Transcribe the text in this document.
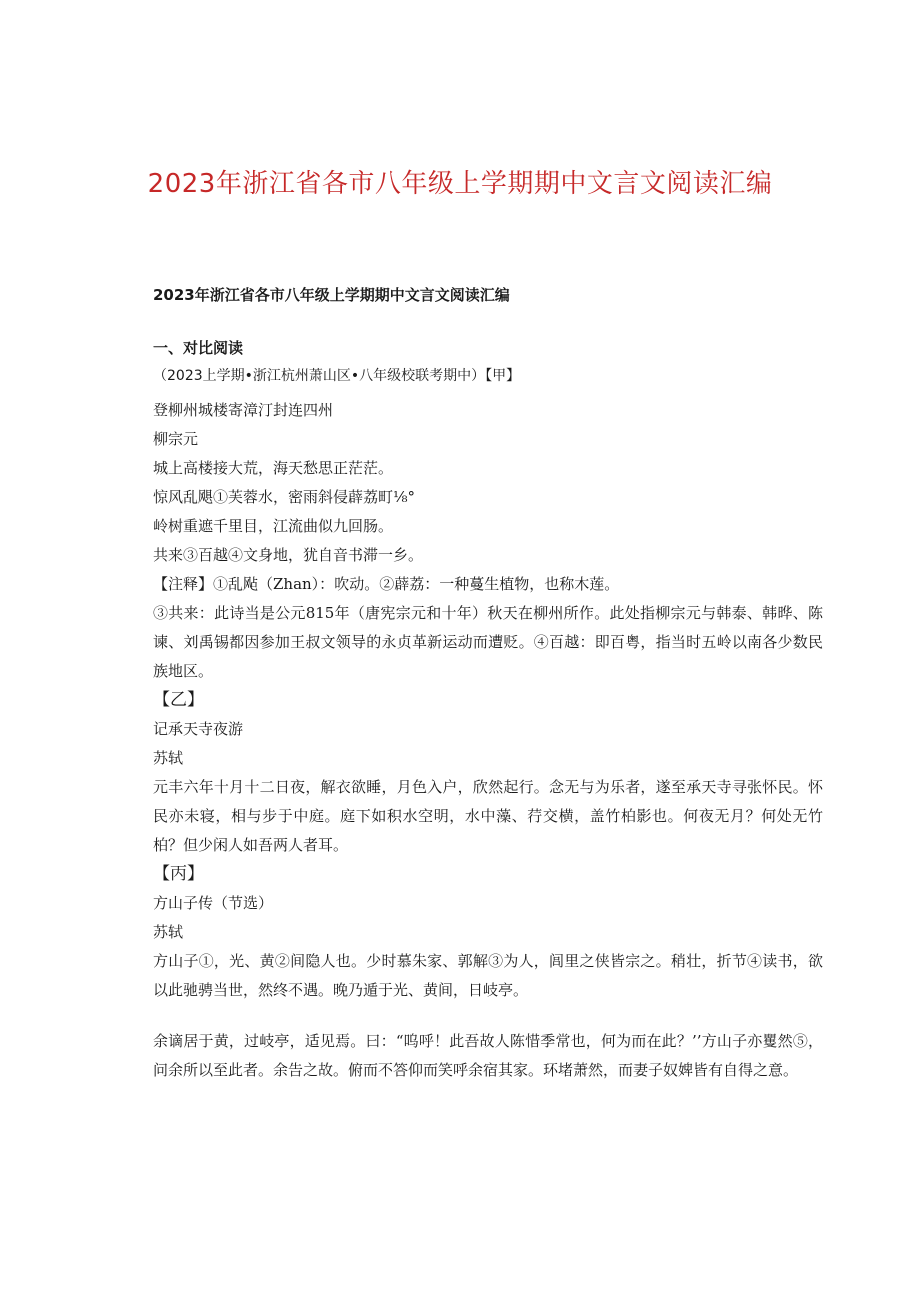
2023年浙江省各市八年级上学期期中文言文阅读汇编

2023年浙江省各市八年级上学期期中文言文阅读汇编

一、对比阅读

（2023上学期•浙江杭州萧山区•八年级校联考期中）【甲】

登柳州城楼寄漳汀封连四州

柳宗元

城上高楼接大荒，海天愁思正茫茫。

惊风乱飓①芙蓉水，密雨斜侵薜荔町⅛°

岭树重遮千里目，江流曲似九回肠。

共来③百越④文身地，犹自音书滞一乡。

【注释】①乱飐（Zhan）：吹动。②薜荔：一种蔓生植物，也称木莲。

③共来：此诗当是公元815年（唐宪宗元和十年）秋天在柳州所作。此处指柳宗元与韩泰、韩晔、陈谏、刘禹锡都因参加王叔文领导的永贞革新运动而遭贬。④百越：即百粤，指当时五岭以南各少数民族地区。

【乙】

记承天寺夜游

苏轼

元丰六年十月十二日夜，解衣欲睡，月色入户，欣然起行。念无与为乐者，遂至承天寺寻张怀民。怀民亦未寝，相与步于中庭。庭下如积水空明，水中藻、荇交横，盖竹柏影也。何夜无月？何处无竹柏？但少闲人如吾两人者耳。

【丙】

方山子传（节选）

苏轼

方山子①，光、黄②间隐人也。少时慕朱家、郭解③为人，闾里之侠皆宗之。稍壮，折节④读书，欲以此驰骋当世，然终不遇。晚乃遁于光、黄间，日岐亭。

余谪居于黄，过岐亭，适见焉。曰：“呜呼！此吾故人陈惜季常也，何为而在此？’’方山子亦矍然⑤，问余所以至此者。余告之故。俯而不答仰而笑呼余宿其家。环堵萧然，而妻子奴婢皆有自得之意。
